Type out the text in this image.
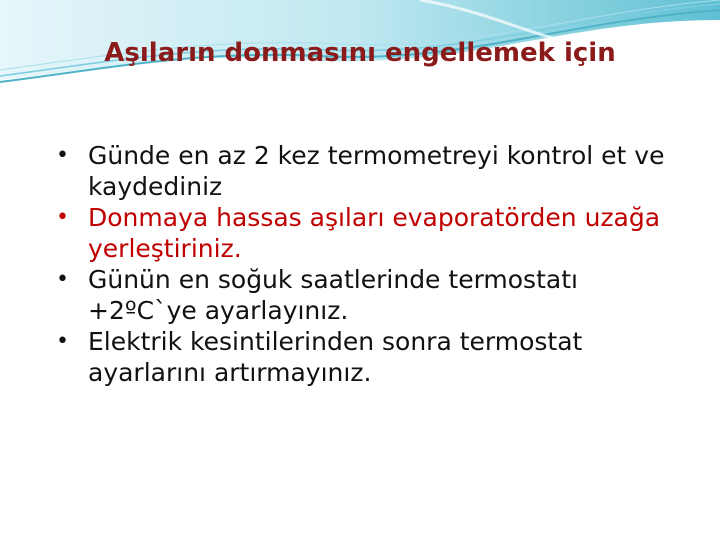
Aşıların donmasını engellemek için
• Günde en az 2 kez termometreyi kontrol et ve kaydediniz
• Donmaya hassas aşıları evaporatörden uzağa yerleştiriniz.
• Günün en soğuk saatlerinde termostatı +2ºC`ye ayarlayınız.
• Elektrik kesintilerinden sonra termostat ayarlarını artırmayınız.
